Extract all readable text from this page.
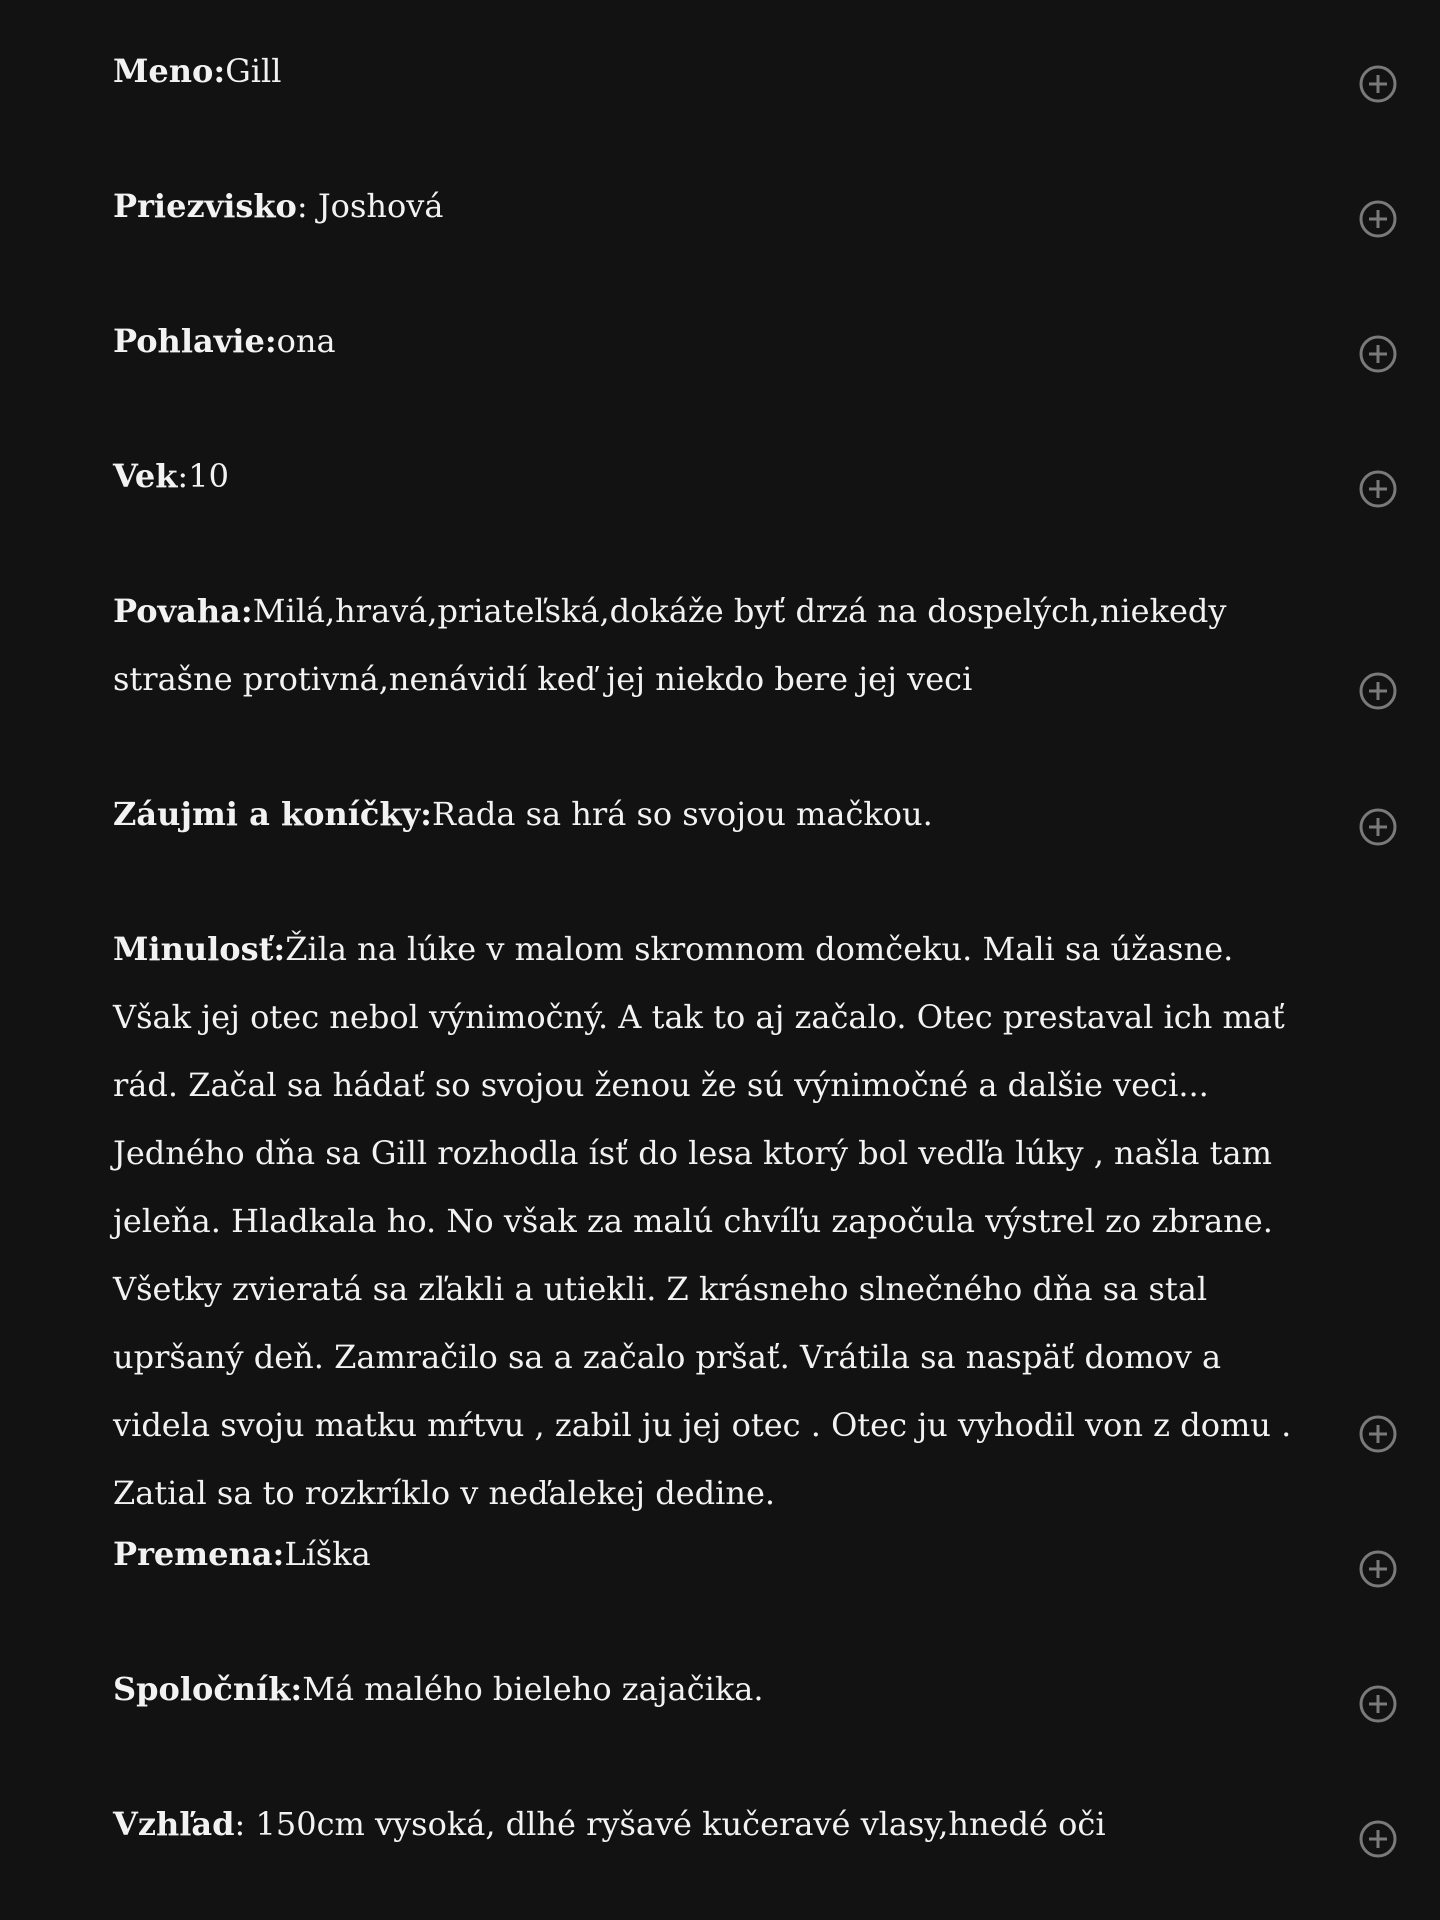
Meno:Gill

Priezvisko: Joshová

Pohlavie:ona

Vek:10

Povaha:Milá,hravá,priateľská,dokáže byť drzá na dospelých,niekedy strašne protivná,nenávidí keď jej niekdo bere jej veci

Záujmi a koníčky:Rada sa hrá so svojou mačkou.

Minulosť:Žila na lúke v malom skromnom domčeku. Mali sa úžasne. Však jej otec nebol výnimočný. A tak to aj začalo. Otec prestaval ich mať rád. Začal sa hádať so svojou ženou že sú výnimočné a dalšie veci... Jedného dňa sa Gill rozhodla ísť do lesa ktorý bol vedľa lúky , našla tam jeleňa. Hladkala ho. No však za malú chvíľu započula výstrel zo zbrane. Všetky zvieratá sa zľakli a utiekli. Z krásneho slnečného dňa sa stal upršaný deň. Zamračilo sa a začalo pršať. Vrátila sa naspäť domov a videla svoju matku mŕtvu , zabil ju jej otec . Otec ju vyhodil von z domu . Zatial sa to rozkríklo v neďalekej dedine.

Premena:Líška

Spoločník:Má malého bieleho zajačika.

Vzhľad: 150cm vysoká, dlhé ryšavé kučeravé vlasy,hnedé oči
